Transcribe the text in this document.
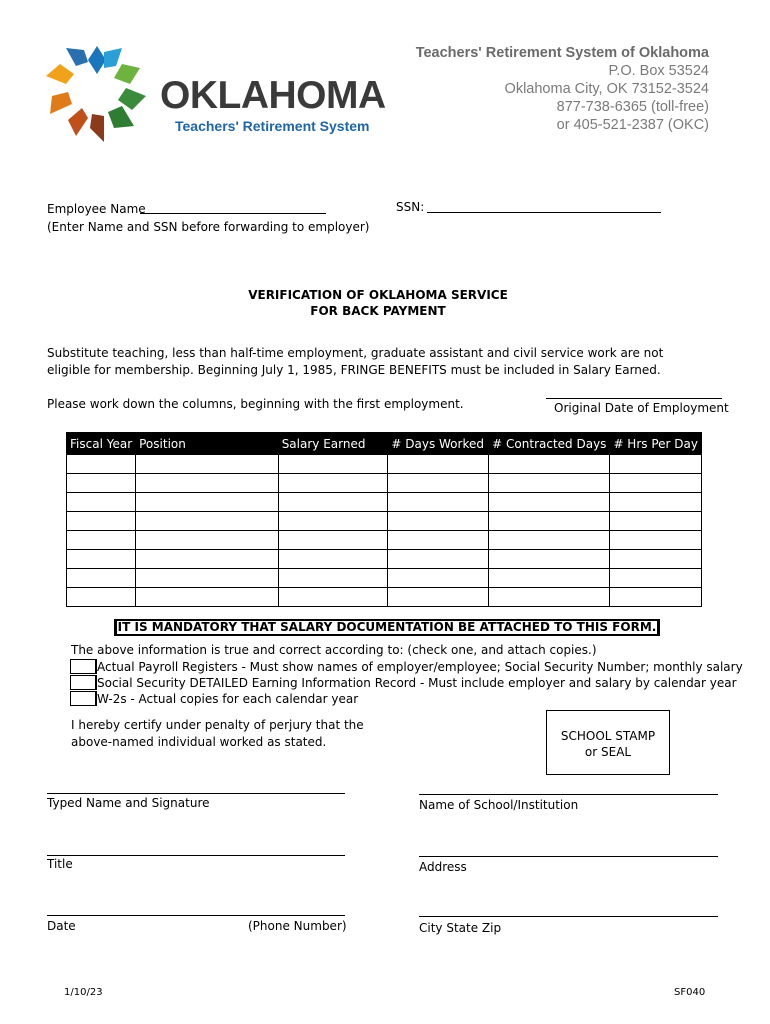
OKLAHOMA
Teachers' Retirement System
Teachers' Retirement System of Oklahoma
P.O. Box 53524
Oklahoma City, OK 73152-3524
877-738-6365 (toll-free)
or 405-521-2387 (OKC)
Employee Name
(Enter Name and SSN before forwarding to employer)
SSN:
VERIFICATION OF OKLAHOMA SERVICE
FOR BACK PAYMENT
Substitute teaching, less than half-time employment, graduate assistant and civil service work are not eligible for membership. Beginning July 1, 1985, FRINGE BENEFITS must be included in Salary Earned.
Please work down the columns, beginning with the first employment.	Original Date of Employment
Fiscal Year	Position	Salary Earned	# Days Worked	# Contracted Days	# Hrs Per Day

IT IS MANDATORY THAT SALARY DOCUMENTATION BE ATTACHED TO THIS FORM.
The above information is true and correct according to: (check one, and attach copies.)
Actual Payroll Registers - Must show names of employer/employee; Social Security Number; monthly salary
Social Security DETAILED Earning Information Record - Must include employer and salary by calendar year
W-2s - Actual copies for each calendar year
I hereby certify under penalty of perjury that the
above-named individual worked as stated.	SCHOOL STAMP
or SEAL
Typed Name and Signature	Name of School/Institution
Title	Address
Date	(Phone Number)	City State Zip
1/10/23	SF040
